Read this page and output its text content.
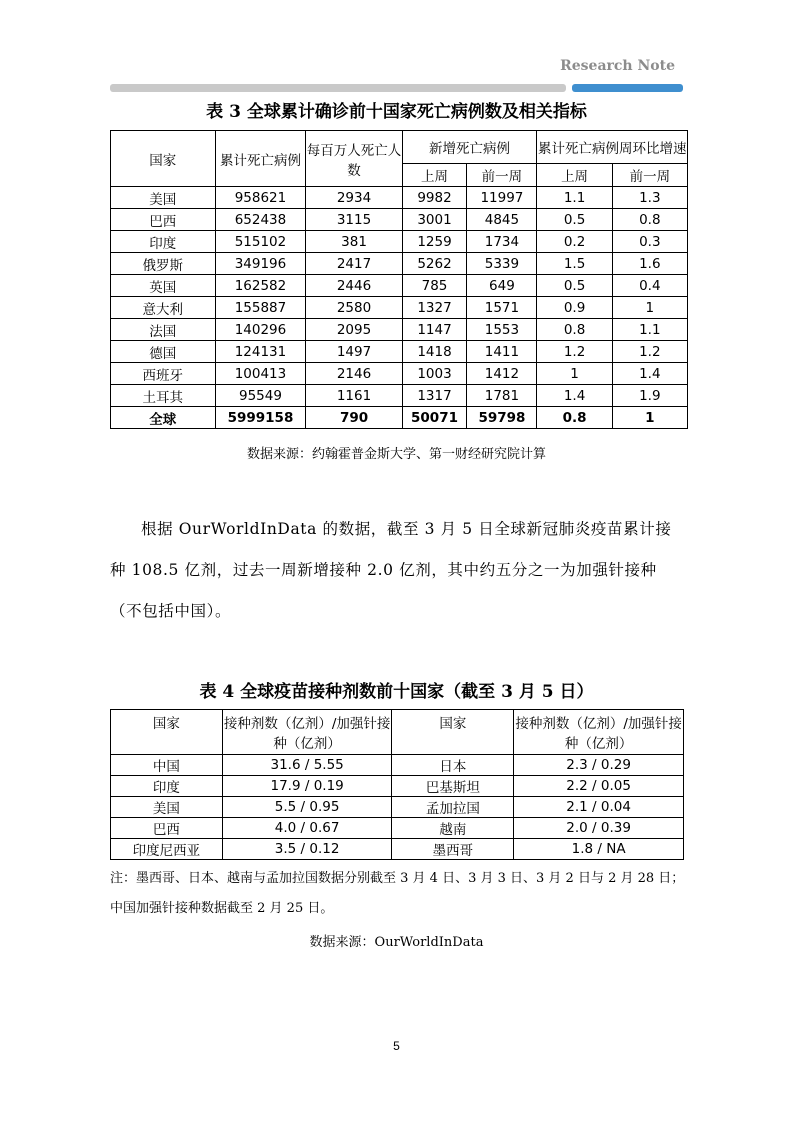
Research Note
表 3 全球累计确诊前十国家死亡病例数及相关指标
国家	累计死亡病例	每百万人死亡人数	新增死亡病例		累计死亡病例周环比增速	
			上周	前一周	上周	前一周
美国	958621	2934	9982	11997	1.1	1.3
巴西	652438	3115	3001	4845	0.5	0.8
印度	515102	381	1259	1734	0.2	0.3
俄罗斯	349196	2417	5262	5339	1.5	1.6
英国	162582	2446	785	649	0.5	0.4
意大利	155887	2580	1327	1571	0.9	1
法国	140296	2095	1147	1553	0.8	1.1
德国	124131	1497	1418	1411	1.2	1.2
西班牙	100413	2146	1003	1412	1	1.4
土耳其	95549	1161	1317	1781	1.4	1.9
全球	5999158	790	50071	59798	0.8	1
数据来源：约翰霍普金斯大学、第一财经研究院计算

根据 OurWorldInData 的数据，截至 3 月 5 日全球新冠肺炎疫苗累计接种 108.5 亿剂，过去一周新增接种 2.0 亿剂，其中约五分之一为加强针接种（不包括中国）。

表 4 全球疫苗接种剂数前十国家（截至 3 月 5 日）
国家	接种剂数（亿剂）/加强针接种（亿剂）	国家	接种剂数（亿剂）/加强针接种（亿剂）
中国	31.6 / 5.55	日本	2.3 / 0.29
印度	17.9 / 0.19	巴基斯坦	2.2 / 0.05
美国	5.5 / 0.95	孟加拉国	2.1 / 0.04
巴西	4.0 / 0.67	越南	2.0 / 0.39
印度尼西亚	3.5 / 0.12	墨西哥	1.8 / NA
注：墨西哥、日本、越南与孟加拉国数据分别截至 3 月 4 日、3 月 3 日、3 月 2 日与 2 月 28 日；中国加强针接种数据截至 2 月 25 日。
数据来源：OurWorldInData
5
